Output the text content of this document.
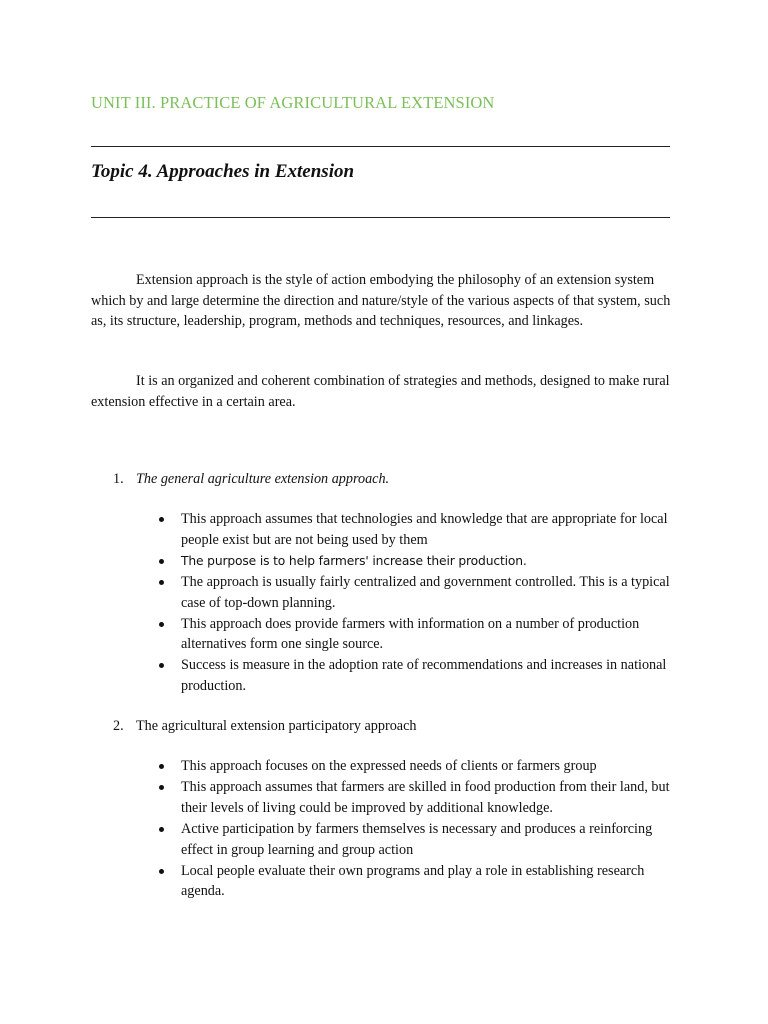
UNIT III. PRACTICE OF AGRICULTURAL EXTENSION
Topic 4. Approaches in Extension

Extension approach is the style of action embodying the philosophy of an extension system which by and large determine the direction and nature/style of the various aspects of that system, such as, its structure, leadership, program, methods and techniques, resources, and linkages.

It is an organized and coherent combination of strategies and methods, designed to make rural extension effective in a certain area.

1. The general agriculture extension approach.
This approach assumes that technologies and knowledge that are appropriate for local people exist but are not being used by them
The purpose is to help farmers' increase their production.
The approach is usually fairly centralized and government controlled. This is a typical case of top-down planning.
This approach does provide farmers with information on a number of production alternatives form one single source.
Success is measure in the adoption rate of recommendations and increases in national production.
2. The agricultural extension participatory approach
This approach focuses on the expressed needs of clients or farmers group
This approach assumes that farmers are skilled in food production from their land, but their levels of living could be improved by additional knowledge.
Active participation by farmers themselves is necessary and produces a reinforcing effect in group learning and group action
Local people evaluate their own programs and play a role in establishing research agenda.
